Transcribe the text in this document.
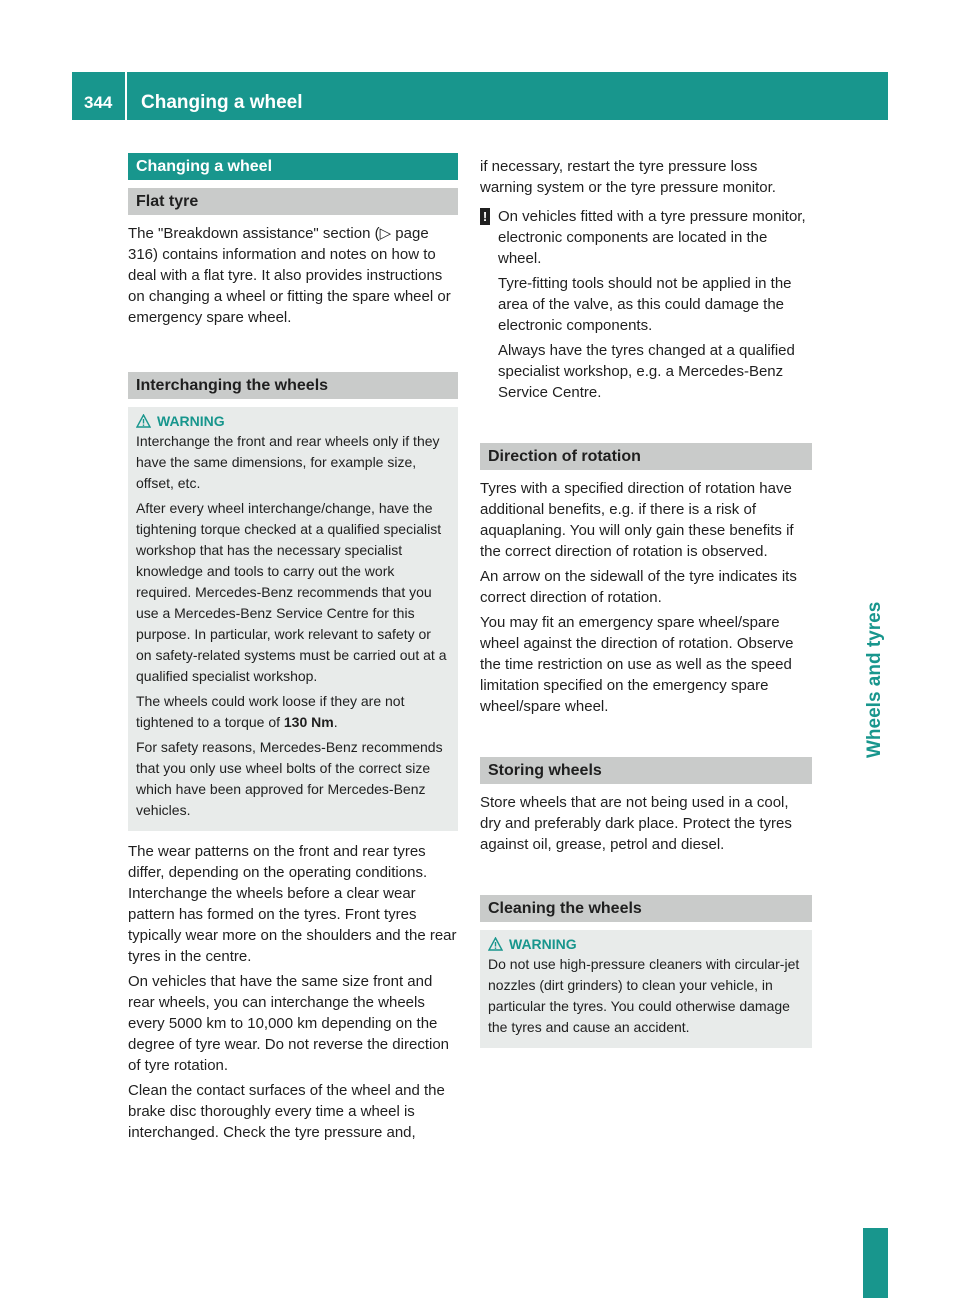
344 Changing a wheel
Wheels and tyres
Changing a wheel
Flat tyre

The "Breakdown assistance" section (▷ page 316) contains information and notes on how to deal with a flat tyre. It also provides instructions on changing a wheel or fitting the spare wheel or emergency spare wheel.

Interchanging the wheels
WARNING

Interchange the front and rear wheels only if they have the same dimensions, for example size, offset, etc.

After every wheel interchange/change, have the tightening torque checked at a qualified specialist workshop that has the necessary specialist knowledge and tools to carry out the work required. Mercedes-Benz recommends that you use a Mercedes-Benz Service Centre for this purpose. In particular, work relevant to safety or on safety-related systems must be carried out at a qualified specialist workshop.

The wheels could work loose if they are not tightened to a torque of 130 Nm.

For safety reasons, Mercedes-Benz recommends that you only use wheel bolts of the correct size which have been approved for Mercedes-Benz vehicles.

The wear patterns on the front and rear tyres differ, depending on the operating conditions. Interchange the wheels before a clear wear pattern has formed on the tyres. Front tyres typically wear more on the shoulders and the rear tyres in the centre.

On vehicles that have the same size front and rear wheels, you can interchange the wheels every 5000 km to 10,000 km depending on the degree of tyre wear. Do not reverse the direction of tyre rotation.

Clean the contact surfaces of the wheel and the brake disc thoroughly every time a wheel is interchanged. Check the tyre pressure and,

if necessary, restart the tyre pressure loss warning system or the tyre pressure monitor.

! On vehicles fitted with a tyre pressure monitor, electronic components are located in the wheel.

Tyre-fitting tools should not be applied in the area of the valve, as this could damage the electronic components.

Always have the tyres changed at a qualified specialist workshop, e.g. a Mercedes-Benz Service Centre.

Direction of rotation

Tyres with a specified direction of rotation have additional benefits, e.g. if there is a risk of aquaplaning. You will only gain these benefits if the correct direction of rotation is observed.

An arrow on the sidewall of the tyre indicates its correct direction of rotation.

You may fit an emergency spare wheel/spare wheel against the direction of rotation. Observe the time restriction on use as well as the speed limitation specified on the emergency spare wheel/spare wheel.

Storing wheels

Store wheels that are not being used in a cool, dry and preferably dark place. Protect the tyres against oil, grease, petrol and diesel.

Cleaning the wheels
WARNING

Do not use high-pressure cleaners with circular-jet nozzles (dirt grinders) to clean your vehicle, in particular the tyres. You could otherwise damage the tyres and cause an accident.
